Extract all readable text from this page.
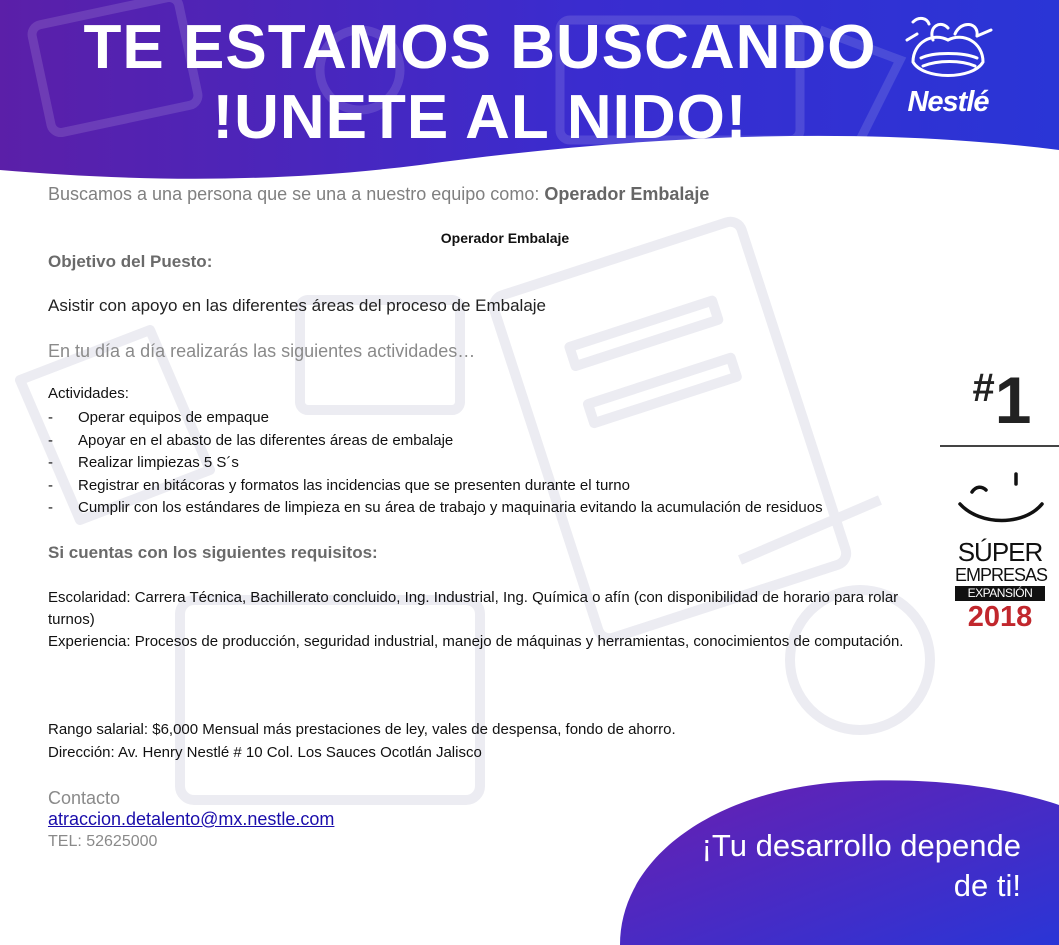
TE ESTAMOS BUSCANDO
!UNETE AL NIDO!	Nestlé

Buscamos a una persona que se una a nuestro equipo como: Operador Embalaje

Operador Embalaje

Objetivo del Puesto:

Asistir con apoyo en las diferentes áreas del proceso de Embalaje

En tu día a día realizarás las siguientes actividades…

Actividades:

- Operar equipos de empaque
- Apoyar en el abasto de las diferentes áreas de embalaje
- Realizar limpiezas 5 S´s
- Registrar en bitácoras y formatos las incidencias que se presenten durante el turno
- Cumplir con los estándares de limpieza en su área de trabajo y maquinaria evitando la acumulación de residuos

Si cuentas con los siguientes requisitos:

Escolaridad: Carrera Técnica, Bachillerato concluido, Ing. Industrial, Ing. Química o afín (con disponibilidad de horario para rolar turnos)

Experiencia: Procesos de producción, seguridad industrial, manejo de máquinas y herramientas, conocimientos de computación.

Rango salarial: $6,000 Mensual más prestaciones de ley, vales de despensa, fondo de ahorro.

Dirección: Av. Henry Nestlé # 10 Col. Los Sauces Ocotlán Jalisco

Contacto

atraccion.detalento@mx.nestle.com

TEL: 52625000

#1
SÚPER
EMPRESAS
EXPANSIÓN
2018
¡Tu desarrollo depende
de ti!
